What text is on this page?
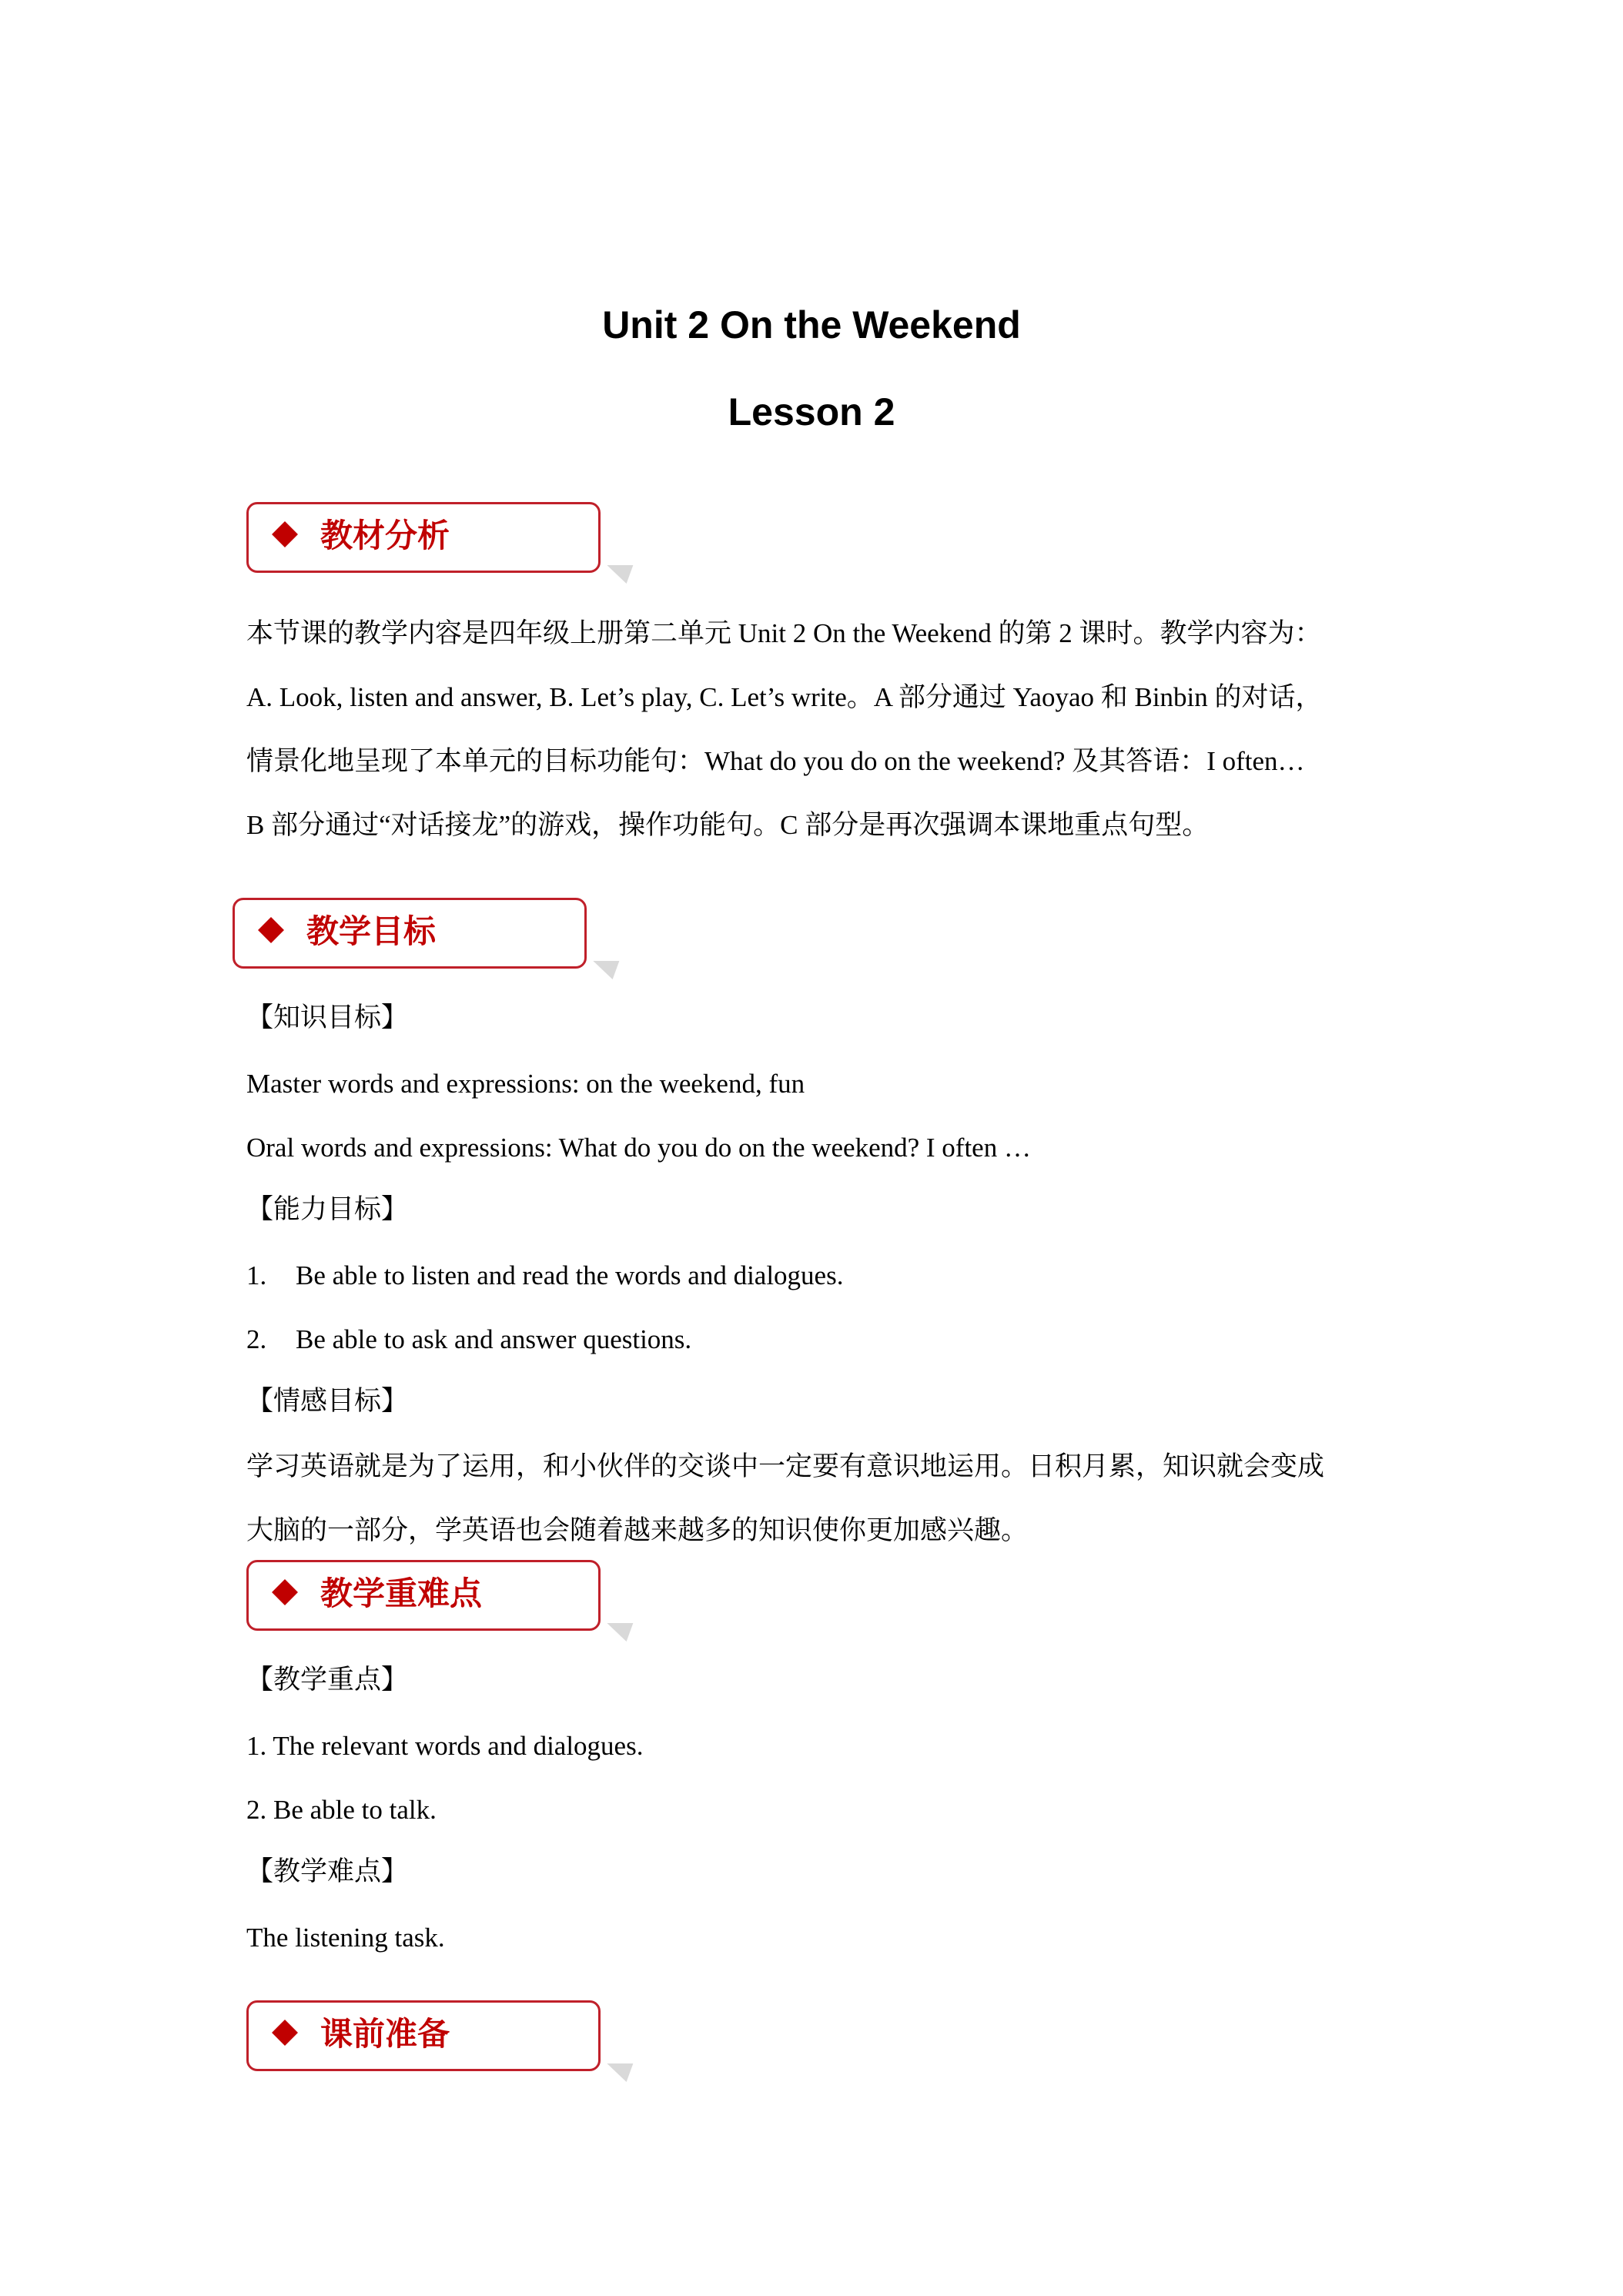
Unit 2 On the Weekend
Lesson 2
教材分析
本节课的教学内容是四年级上册第二单元 Unit 2 On the Weekend 的第 2 课时。教学内容为：
A. Look, listen and answer, B. Let’s play, C. Let’s write。A 部分通过 Yaoyao 和 Binbin 的对话，
情景化地呈现了本单元的目标功能句：What do you do on the weekend? 及其答语：I often…
B 部分通过“对话接龙”的游戏，操作功能句。C 部分是再次强调本课地重点句型。
教学目标
【知识目标】
Master words and expressions: on the weekend, fun
Oral words and expressions: What do you do on the weekend? I often …
【能力目标】
1. Be able to listen and read the words and dialogues.
2. Be able to ask and answer questions.
【情感目标】
学习英语就是为了运用，和小伙伴的交谈中一定要有意识地运用。日积月累，知识就会变成
大脑的一部分，学英语也会随着越来越多的知识使你更加感兴趣。
教学重难点
【教学重点】
1. The relevant words and dialogues.
2. Be able to talk.
【教学难点】
The listening task.
课前准备
